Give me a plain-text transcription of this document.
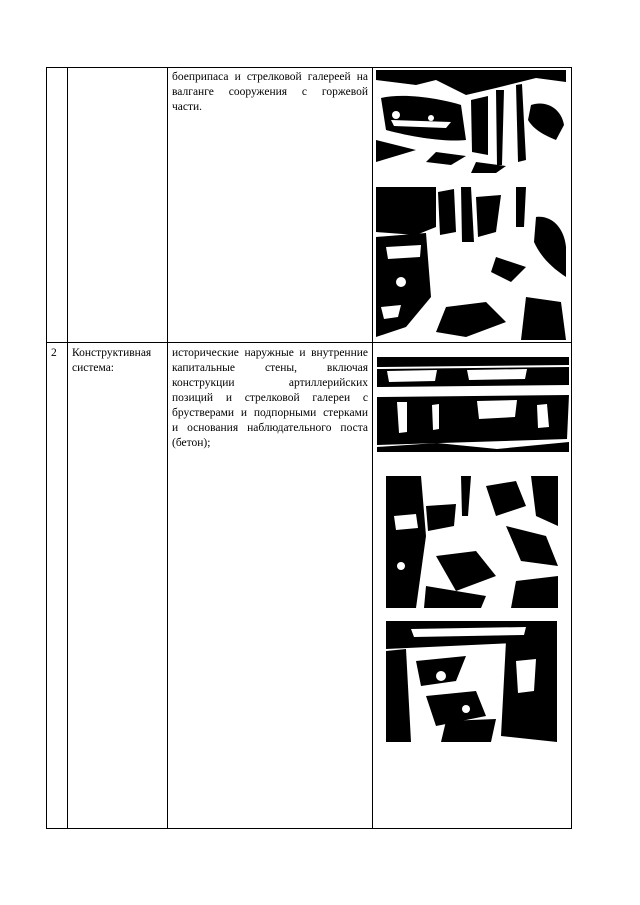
боеприпаса и стрелковой галереей на
валганге сооружения с горжевой
части.
2	Конструктивная
система:
исторические наружные и внутренние
капитальные стены, включая
конструкции артиллерийских
позиций и стрелковой галереи с
брустверами и подпорными стерками
и основания наблюдательного поста
(бетон);
